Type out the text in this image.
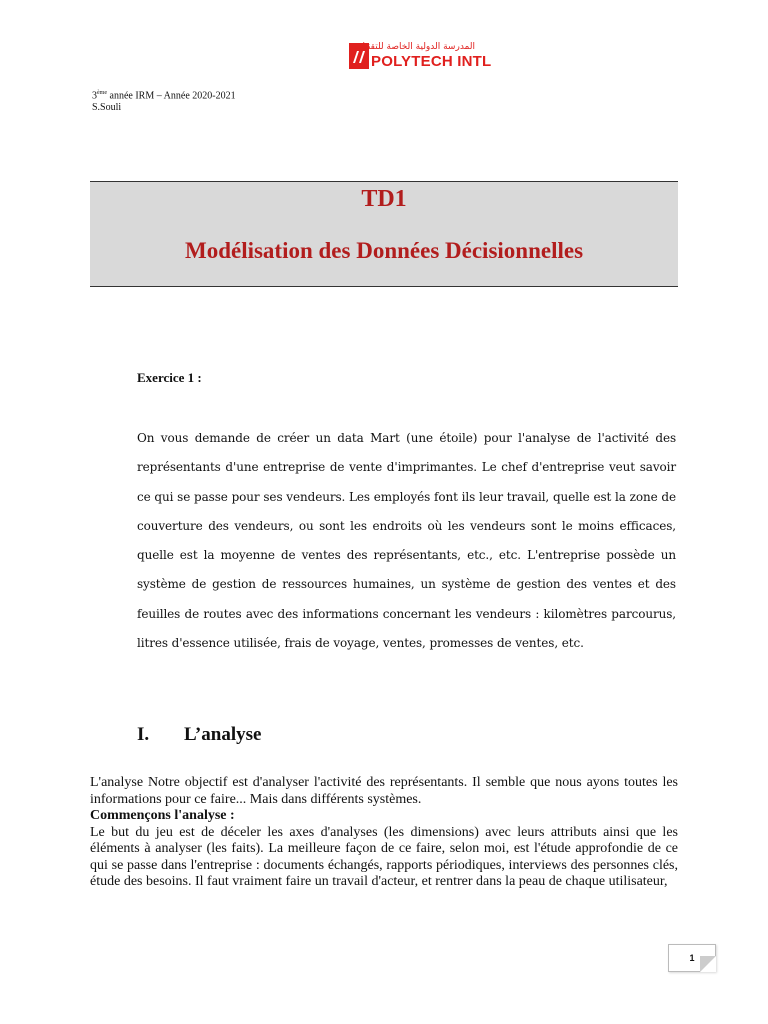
المدرسة الدولية الخاصة للتقنيات
POLYTECH INTL
3ème année IRM – Année 2020-2021
S.Souli
TD1
Modélisation des Données Décisionnelles
Exercice 1 :
On vous demande de créer un data Mart (une étoile) pour l'analyse de l'activité des représentants d'une entreprise de vente d'imprimantes. Le chef d'entreprise veut savoir ce qui se passe pour ses vendeurs. Les employés font ils leur travail, quelle est la zone de couverture des vendeurs, ou sont les endroits où les vendeurs sont le moins efficaces, quelle est la moyenne de ventes des représentants, etc., etc. L'entreprise possède un système de gestion de ressources humaines, un système de gestion des ventes et des feuilles de routes avec des informations concernant les vendeurs : kilomètres parcourus, litres d'essence utilisée, frais de voyage, ventes, promesses de ventes, etc.
I. L’analyse

L'analyse Notre objectif est d'analyser l'activité des représentants. Il semble que nous ayons toutes les informations pour ce faire... Mais dans différents systèmes.

Commençons l'analyse :

Le but du jeu est de déceler les axes d'analyses (les dimensions) avec leurs attributs ainsi que les éléments à analyser (les faits). La meilleure façon de ce faire, selon moi, est l'étude approfondie de ce qui se passe dans l'entreprise : documents échangés, rapports périodiques, interviews des personnes clés, étude des besoins. Il faut vraiment faire un travail d'acteur, et rentrer dans la peau de chaque utilisateur,

1
